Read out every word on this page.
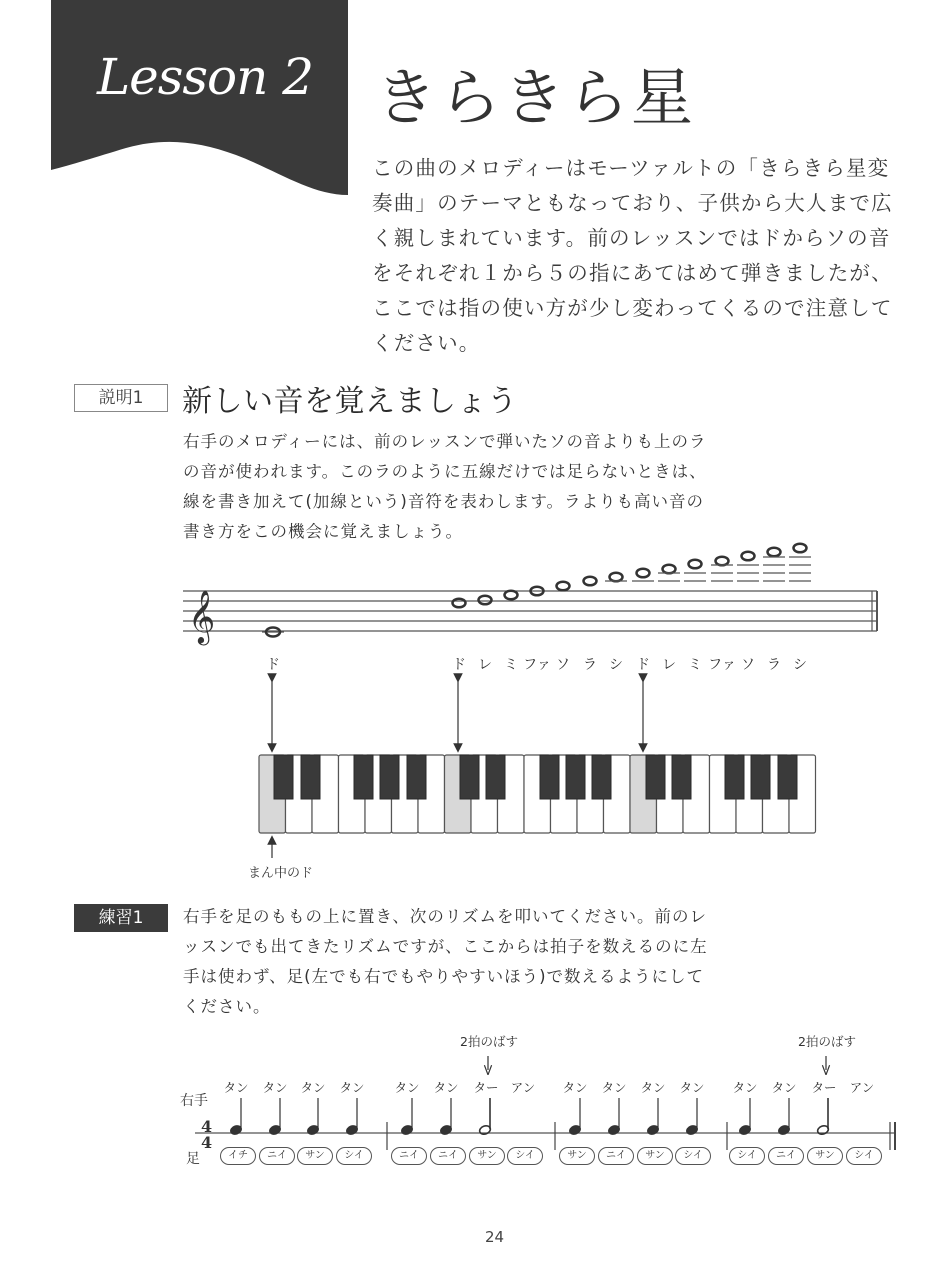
Lesson 2 きらきら星
この曲のメロディーはモーツァルトの「きらきら星変
奏曲」のテーマともなっており、子供から大人まで広
く親しまれています。前のレッスンではドからソの音
をそれぞれ１から５の指にあてはめて弾きましたが、
ここでは指の使い方が少し変わってくるので注意して
ください。
説明1	新しい音を覚えましょう
右手のメロディーには、前のレッスンで弾いたソの音よりも上のラ
の音が使われます。このラのように五線だけでは足らないときは、
線を書き加えて(加線という)音符を表わします。ラよりも高い音の
書き方をこの機会に覚えましょう。
𝄞
ド	ド レ ミ ファ ソ ラ シ ド レ ミ ファ ソ ラ シ
まん中のド
練習1	右手を足のももの上に置き、次のリズムを叩いてください。前のレ
ッスンでも出てきたリズムですが、ここからは拍子を数えるのに左
手は使わず、足(左でも右でもやりやすいほう)で数えるようにして
ください。
右手
足
2拍のばす	2拍のばす
4
4
タン	タン	タン	タン	タン	タン	ター アン	タン	タン	タン	タン	タン	タン	ター	アン
イチ	ニイ	サン	シイ	ニイ	ニイ	サン	シイ	サン	ニイ	サン	シイ	シイ	ニイ	サン	シイ
24
